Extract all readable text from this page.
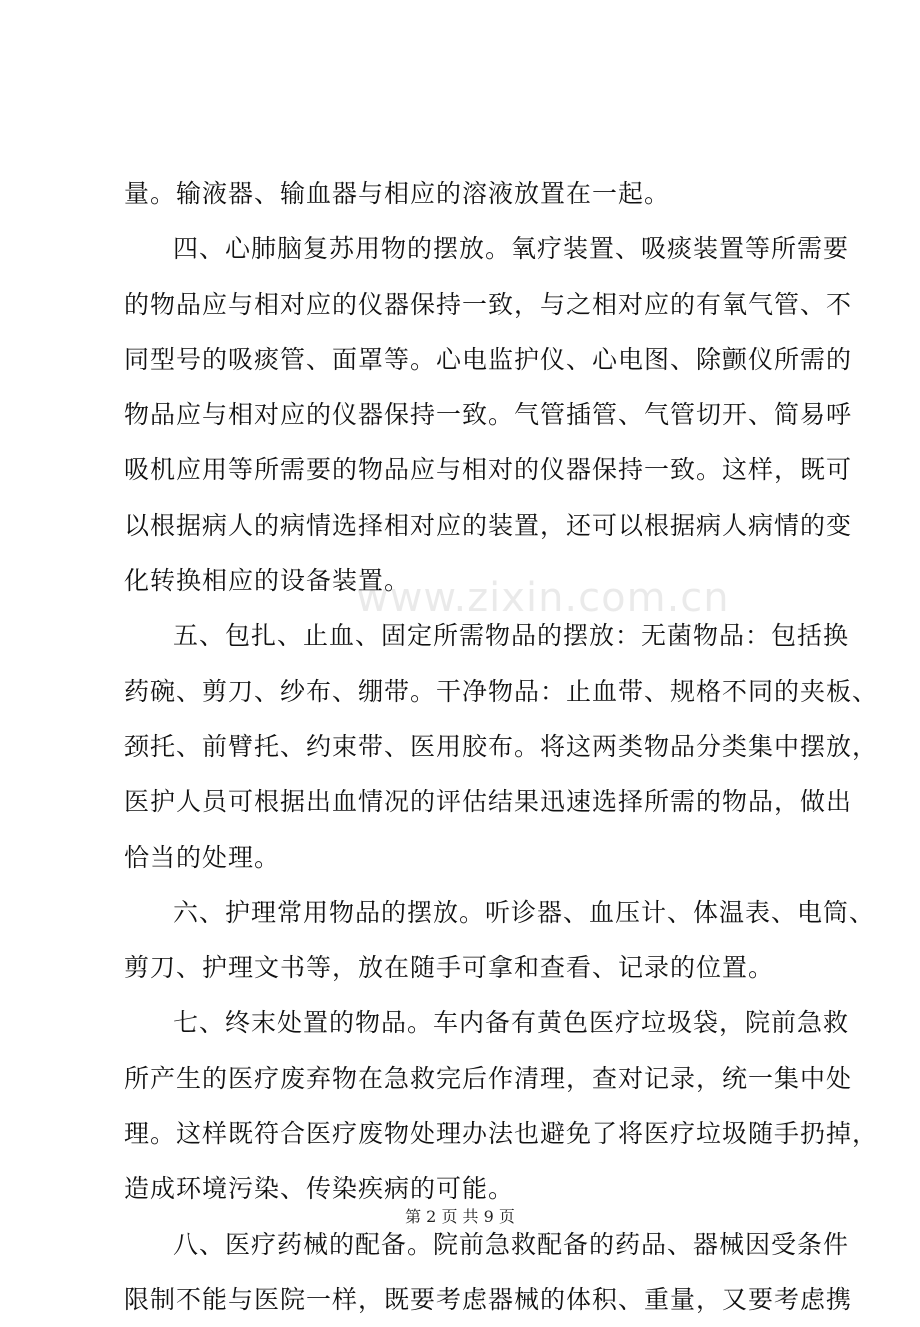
量。输液器、输血器与相应的溶液放置在一起。
四、心肺脑复苏用物的摆放。氧疗装置、吸痰装置等所需要
的物品应与相对应的仪器保持一致，与之相对应的有氧气管、不
同型号的吸痰管、面罩等。心电监护仪、心电图、除颤仪所需的
物品应与相对应的仪器保持一致。气管插管、气管切开、简易呼
吸机应用等所需要的物品应与相对的仪器保持一致。这样，既可
以根据病人的病情选择相对应的装置，还可以根据病人病情的变
化转换相应的设备装置。
五、包扎、止血、固定所需物品的摆放：无菌物品：包括换
药碗、剪刀、纱布、绷带。干净物品：止血带、规格不同的夹板、
颈托、前臂托、约束带、医用胶布。将这两类物品分类集中摆放，
医护人员可根据出血情况的评估结果迅速选择所需的物品，做出
恰当的处理。
六、护理常用物品的摆放。听诊器、血压计、体温表、电筒、
剪刀、护理文书等，放在随手可拿和查看、记录的位置。
七、终末处置的物品。车内备有黄色医疗垃圾袋，院前急救
所产生的医疗废弃物在急救完后作清理，查对记录，统一集中处
理。这样既符合医疗废物处理办法也避免了将医疗垃圾随手扔掉，
造成环境污染、传染疾病的可能。
八、医疗药械的配备。院前急救配备的药品、器械因受条件
限制不能与医院一样，既要考虑器械的体积、重量，又要考虑携
www.zixin.com.cn
第 2 页 共 9 页
